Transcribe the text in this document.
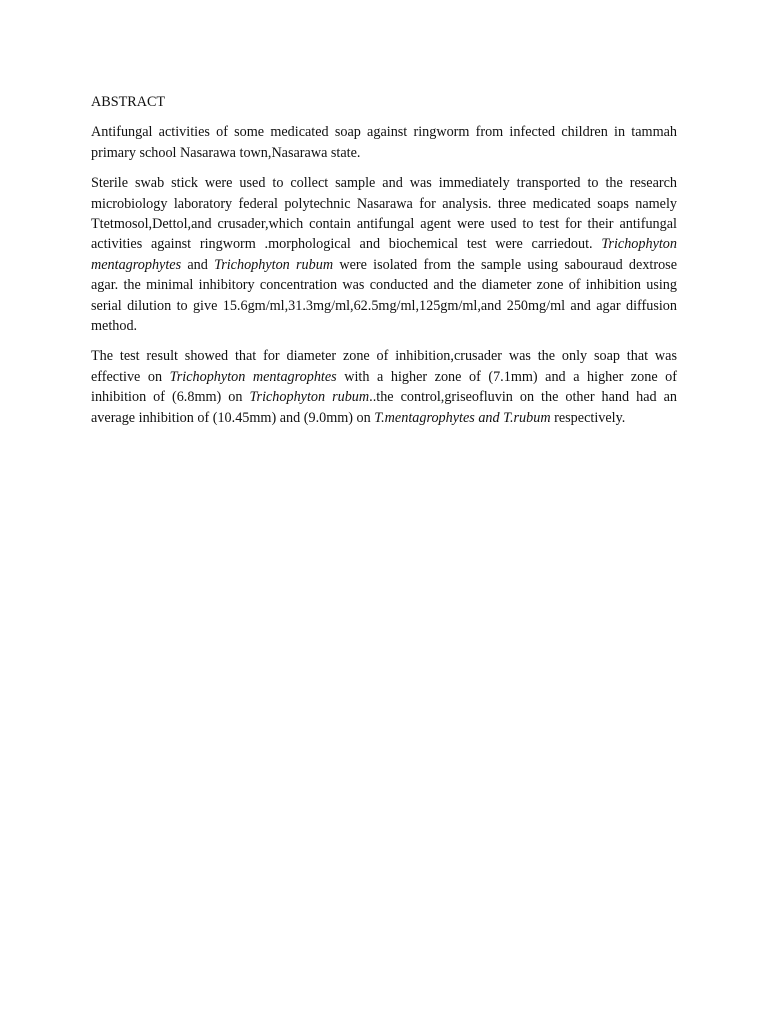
ABSTRACT

Antifungal activities of some medicated soap against ringworm from infected children in tammah primary school Nasarawa town,Nasarawa state.

Sterile swab stick were used to collect sample and was immediately transported to the research microbiology laboratory federal polytechnic Nasarawa for analysis. three medicated soaps namely Ttetmosol,Dettol,and crusader,which contain antifungal agent were used to test for their antifungal activities against ringworm .morphological and biochemical test were carriedout. Trichophyton mentagrophytes and Trichophyton rubum were isolated from the sample using sabouraud dextrose agar. the minimal inhibitory concentration was conducted and the diameter zone of inhibition using serial dilution to give 15.6gm/ml,31.3mg/ml,62.5mg/ml,125gm/ml,and 250mg/ml and agar diffusion method.

The test result showed that for diameter zone of inhibition,crusader was the only soap that was effective on Trichophyton mentagrophtes with a higher zone of (7.1mm) and a higher zone of inhibition of (6.8mm) on Trichophyton rubum..the control,griseofluvin on the other hand had an average inhibition of (10.45mm) and (9.0mm) on T.mentagrophytes and T.rubum respectively.
